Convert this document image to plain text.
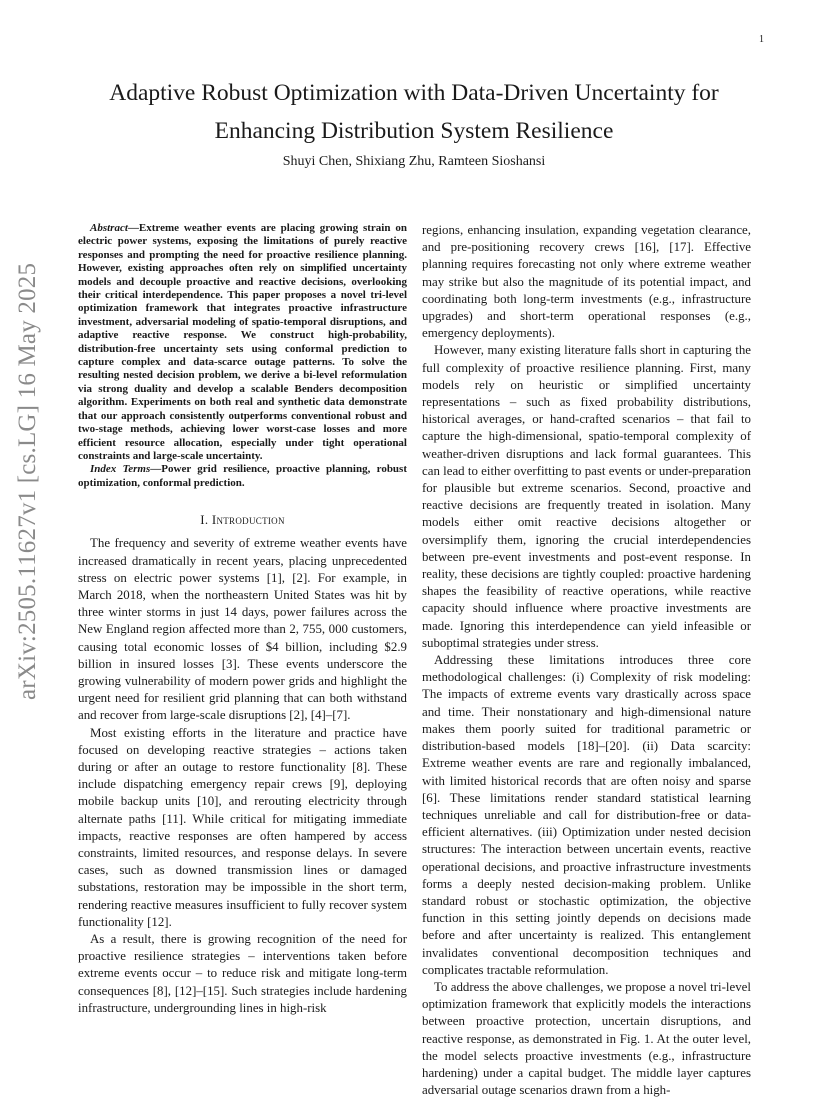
1
arXiv:2505.11627v1 [cs.LG] 16 May 2025
Adaptive Robust Optimization with Data-Driven Uncertainty for
Enhancing Distribution System Resilience
Shuyi Chen, Shixiang Zhu, Ramteen Sioshansi

Abstract—Extreme weather events are placing growing strain on electric power systems, exposing the limitations of purely reactive responses and prompting the need for proactive resilience planning. However, existing approaches often rely on simplified uncertainty models and decouple proactive and reactive decisions, overlooking their critical interdependence. This paper proposes a novel tri-level optimization framework that integrates proactive infrastructure investment, adversarial modeling of spatio-temporal disruptions, and adaptive reactive response. We construct high-probability, distribution-free uncertainty sets using conformal prediction to capture complex and data-scarce outage patterns. To solve the resulting nested decision problem, we derive a bi-level reformulation via strong duality and develop a scalable Benders decomposition algorithm. Experiments on both real and synthetic data demonstrate that our approach consistently outperforms conventional robust and two-stage methods, achieving lower worst-case losses and more efficient resource allocation, especially under tight operational constraints and large-scale uncertainty.

Index Terms—Power grid resilience, proactive planning, robust optimization, conformal prediction.

I. Introduction

The frequency and severity of extreme weather events have increased dramatically in recent years, placing unprecedented stress on electric power systems [1], [2]. For example, in March 2018, when the northeastern United States was hit by three winter storms in just 14 days, power failures across the New England region affected more than 2, 755, 000 customers, causing total economic losses of $4 billion, including $2.9 billion in insured losses [3]. These events underscore the growing vulnerability of modern power grids and highlight the urgent need for resilient grid planning that can both withstand and recover from large-scale disruptions [2], [4]–[7].

Most existing efforts in the literature and practice have focused on developing reactive strategies – actions taken during or after an outage to restore functionality [8]. These include dispatching emergency repair crews [9], deploying mobile backup units [10], and rerouting electricity through alternate paths [11]. While critical for mitigating immediate impacts, reactive responses are often hampered by access constraints, limited resources, and response delays. In severe cases, such as downed transmission lines or damaged substations, restoration may be impossible in the short term, rendering reactive measures insufficient to fully recover system functionality [12].

As a result, there is growing recognition of the need for proactive resilience strategies – interventions taken before extreme events occur – to reduce risk and mitigate long-term consequences [8], [12]–[15]. Such strategies include hardening infrastructure, undergrounding lines in high-risk

regions, enhancing insulation, expanding vegetation clearance, and pre-positioning recovery crews [16], [17]. Effective planning requires forecasting not only where extreme weather may strike but also the magnitude of its potential impact, and coordinating both long-term investments (e.g., infrastructure upgrades) and short-term operational responses (e.g., emergency deployments).

However, many existing literature falls short in capturing the full complexity of proactive resilience planning. First, many models rely on heuristic or simplified uncertainty representations – such as fixed probability distributions, historical averages, or hand-crafted scenarios – that fail to capture the high-dimensional, spatio-temporal complexity of weather-driven disruptions and lack formal guarantees. This can lead to either overfitting to past events or under-preparation for plausible but extreme scenarios. Second, proactive and reactive decisions are frequently treated in isolation. Many models either omit reactive decisions altogether or oversimplify them, ignoring the crucial interdependencies between pre-event investments and post-event response. In reality, these decisions are tightly coupled: proactive hardening shapes the feasibility of reactive operations, while reactive capacity should influence where proactive investments are made. Ignoring this interdependence can yield infeasible or suboptimal strategies under stress.

Addressing these limitations introduces three core methodological challenges: (i) Complexity of risk modeling: The impacts of extreme events vary drastically across space and time. Their nonstationary and high-dimensional nature makes them poorly suited for traditional parametric or distribution-based models [18]–[20]. (ii) Data scarcity: Extreme weather events are rare and regionally imbalanced, with limited historical records that are often noisy and sparse [6]. These limitations render standard statistical learning techniques unreliable and call for distribution-free or data-efficient alternatives. (iii) Optimization under nested decision structures: The interaction between uncertain events, reactive operational decisions, and proactive infrastructure investments forms a deeply nested decision-making problem. Unlike standard robust or stochastic optimization, the objective function in this setting jointly depends on decisions made before and after uncertainty is realized. This entanglement invalidates conventional decomposition techniques and complicates tractable reformulation.

To address the above challenges, we propose a novel tri-level optimization framework that explicitly models the interactions between proactive protection, uncertain disruptions, and reactive response, as demonstrated in Fig. 1. At the outer level, the model selects proactive investments (e.g., infrastructure hardening) under a capital budget. The middle layer captures adversarial outage scenarios drawn from a high-
